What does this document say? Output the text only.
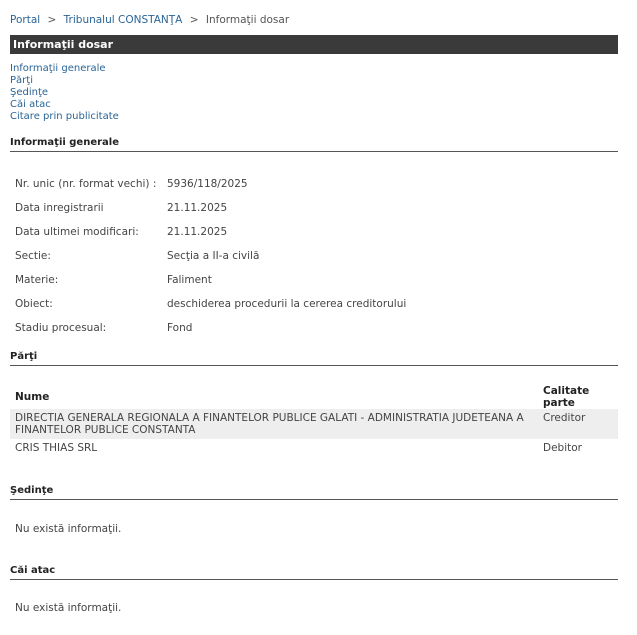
Portal > Tribunalul CONSTANŢA > Informaţii dosar
Informaţii dosar
Informaţii generale
Părţi
Şedinţe
Căi atac
Citare prin publicitate
Informaţii generale
Nr. unic (nr. format vechi) :	5936/118/2025
Data inregistrarii	21.11.2025
Data ultimei modificari:	21.11.2025
Sectie:	Secţia a II-a civilă
Materie:	Faliment
Obiect:	deschiderea procedurii la cererea creditorului
Stadiu procesual:	Fond
Părţi
Nume	Calitate parte
DIRECTIA GENERALA REGIONALA A FINANTELOR PUBLICE GALATI - ADMINISTRATIA JUDETEANA A FINANTELOR PUBLICE CONSTANTA	Creditor
CRIS THIAS SRL	Debitor
Şedinţe
Nu există informaţii.
Căi atac
Nu există informaţii.
